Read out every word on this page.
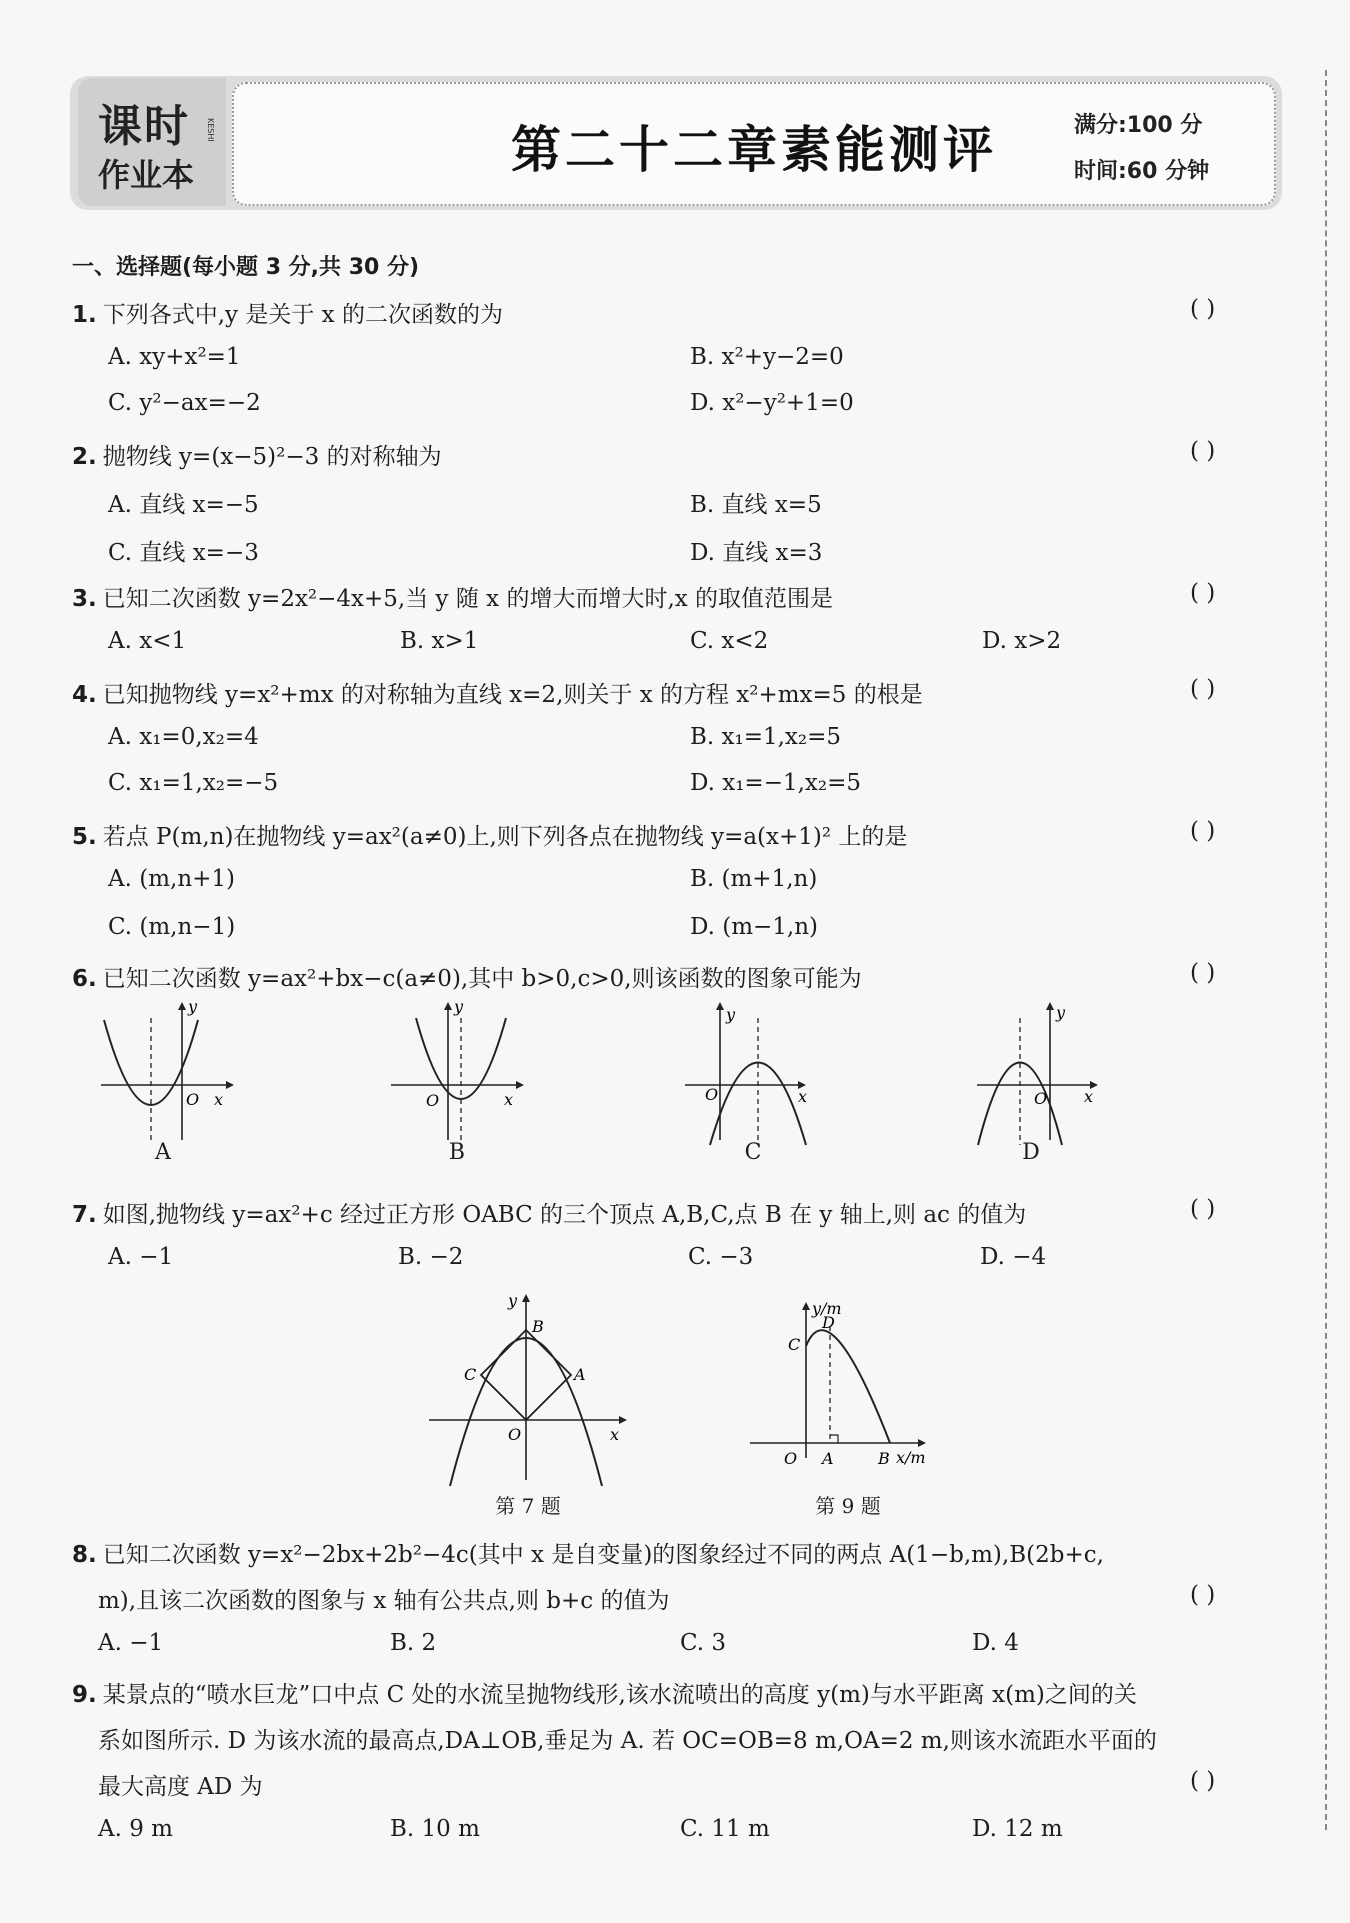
课时
作业本
KESHI	第二十二章素能测评	满分:100 分
时间:60 分钟
一、选择题(每小题 3 分,共 30 分)
1. 下列各式中,y 是关于 x 的二次函数的为	( )
A. xy+x²=1	B. x²+y−2=0
C. y²−ax=−2	D. x²−y²+1=0
2. 抛物线 y=(x−5)²−3 的对称轴为	( )
A. 直线 x=−5	B. 直线 x=5
C. 直线 x=−3	D. 直线 x=3
3. 已知二次函数 y=2x²−4x+5,当 y 随 x 的增大而增大时,x 的取值范围是	( )
A. x<1	B. x>1	C. x<2	D. x>2
4. 已知抛物线 y=x²+mx 的对称轴为直线 x=2,则关于 x 的方程 x²+mx=5 的根是	( )
A. x₁=0,x₂=4	B. x₁=1,x₂=5
C. x₁=1,x₂=−5	D. x₁=−1,x₂=5
5. 若点 P(m,n)在抛物线 y=ax²(a≠0)上,则下列各点在抛物线 y=a(x+1)² 上的是	( )
A. (m,n+1)	B. (m+1,n)
C. (m,n−1)	D. (m−1,n)
6. 已知二次函数 y=ax²+bx−c(a≠0),其中 b>0,c>0,则该函数的图象可能为	( )
y
x
O
A
y
x
O
B
y
x
O
C
y
x
O
D
7. 如图,抛物线 y=ax²+c 经过正方形 OABC 的三个顶点 A,B,C,点 B 在 y 轴上,则 ac 的值为	( )
A. −1	B. −2	C. −3	D. −4
y
x
O
B
A
C
第 7 题
y/m
x/m
O A	B
C
D
第 9 题
8. 已知二次函数 y=x²−2bx+2b²−4c(其中 x 是自变量)的图象经过不同的两点 A(1−b,m),B(2b+c,
m),且该二次函数的图象与 x 轴有公共点,则 b+c 的值为	( )
A. −1	B. 2	C. 3	D. 4
9. 某景点的“喷水巨龙”口中点 C 处的水流呈抛物线形,该水流喷出的高度 y(m)与水平距离 x(m)之间的关
系如图所示. D 为该水流的最高点,DA⊥OB,垂足为 A. 若 OC=OB=8 m,OA=2 m,则该水流距水平面的
最大高度 AD 为	( )
A. 9 m	B. 10 m	C. 11 m	D. 12 m
